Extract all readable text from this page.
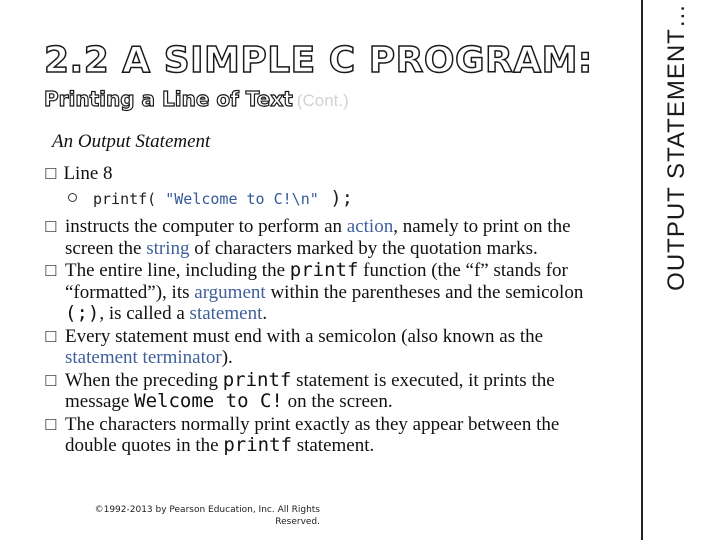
2.2 A SIMPLE C PROGRAM:
Printing a Line of Text (Cont.)
An Output Statement
☐ Line 8
printf( "Welcome to C!\n" );
☐ instructs the computer to perform an action, namely to print on the screen the string of characters marked by the quotation marks.
☐ The entire line, including the printf function (the “f” stands for “formatted”), its argument within the parentheses and the semicolon (;), is called a statement.
☐ Every statement must end with a semicolon (also known as the statement terminator).
☐ When the preceding printf statement is executed, it prints the message Welcome to C! on the screen.
☐ The characters normally print exactly as they appear between the double quotes in the printf statement.
©1992-2013 by Pearson Education, Inc. All Rights Reserved.
OUTPUT STATEMENT…
